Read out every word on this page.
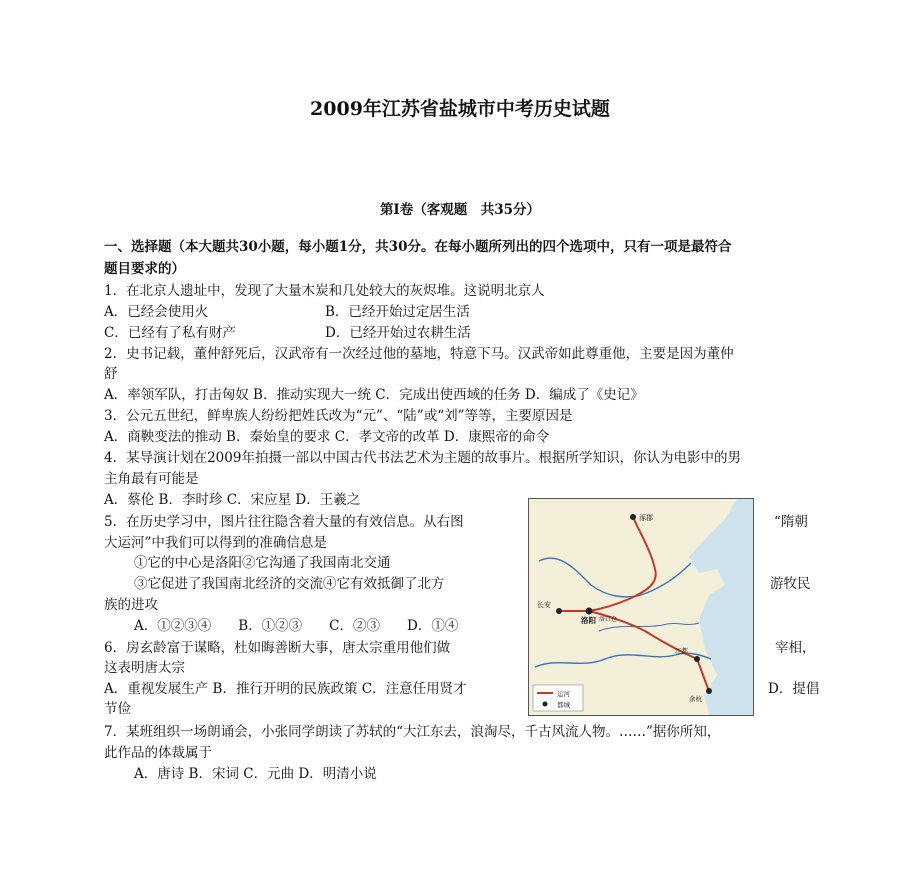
2009年江苏省盐城市中考历史试题
第Ⅰ卷（客观题　共35分）
一、选择题（本大题共30小题，每小题1分，共30分。在每小题所列出的四个选项中，只有一项是最符合
题目要求的）
1．在北京人遗址中，发现了大量木炭和几处较大的灰烬堆。这说明北京人
A．已经会使用火	B．已经开始过定居生活
C．已经有了私有财产	D．已经开始过农耕生活
2．史书记载，董仲舒死后，汉武帝有一次经过他的墓地，特意下马。汉武帝如此尊重他，主要是因为董仲
舒
A．率领军队，打击匈奴 B．推动实现大一统 C．完成出使西域的任务 D．编成了《史记》
3．公元五世纪，鲜卑族人纷纷把姓氏改为“元”、“陆”或“刘”等等，主要原因是
A．商鞅变法的推动 B．秦始皇的要求 C．孝文帝的改革 D．康熙帝的命令
4．某导演计划在2009年拍摄一部以中国古代书法艺术为主题的故事片。根据所学知识，你认为电影中的男
主角最有可能是
A．蔡伦 B．李时珍 C．宋应星 D．王羲之
5．在历史学习中，图片往往隐含着大量的有效信息。从右图	“隋朝
大运河”中我们可以得到的准确信息是
①它的中心是洛阳②它沟通了我国南北交通
③它促进了我国南北经济的交流④它有效抵御了北方	游牧民
族的进攻
A．①②③④　　B．①②③　　C．②③　　D．①④
6．房玄龄富于谋略，杜如晦善断大事，唐太宗重用他们做	宰相，
这表明唐太宗
A．重视发展生产 B．推行开明的民族政策 C．注意任用贤才	D．提倡
节俭
7．某班组织一场朗诵会，小张同学朗读了苏轼的“大江东去，浪淘尽，千古风流人物。……”据你所知，
此作品的体裁属于
A．唐诗 B．宋词 C．元曲 D．明清小说
涿郡
长安
洛阳 洛口仓
江都
余杭
运河
都城
